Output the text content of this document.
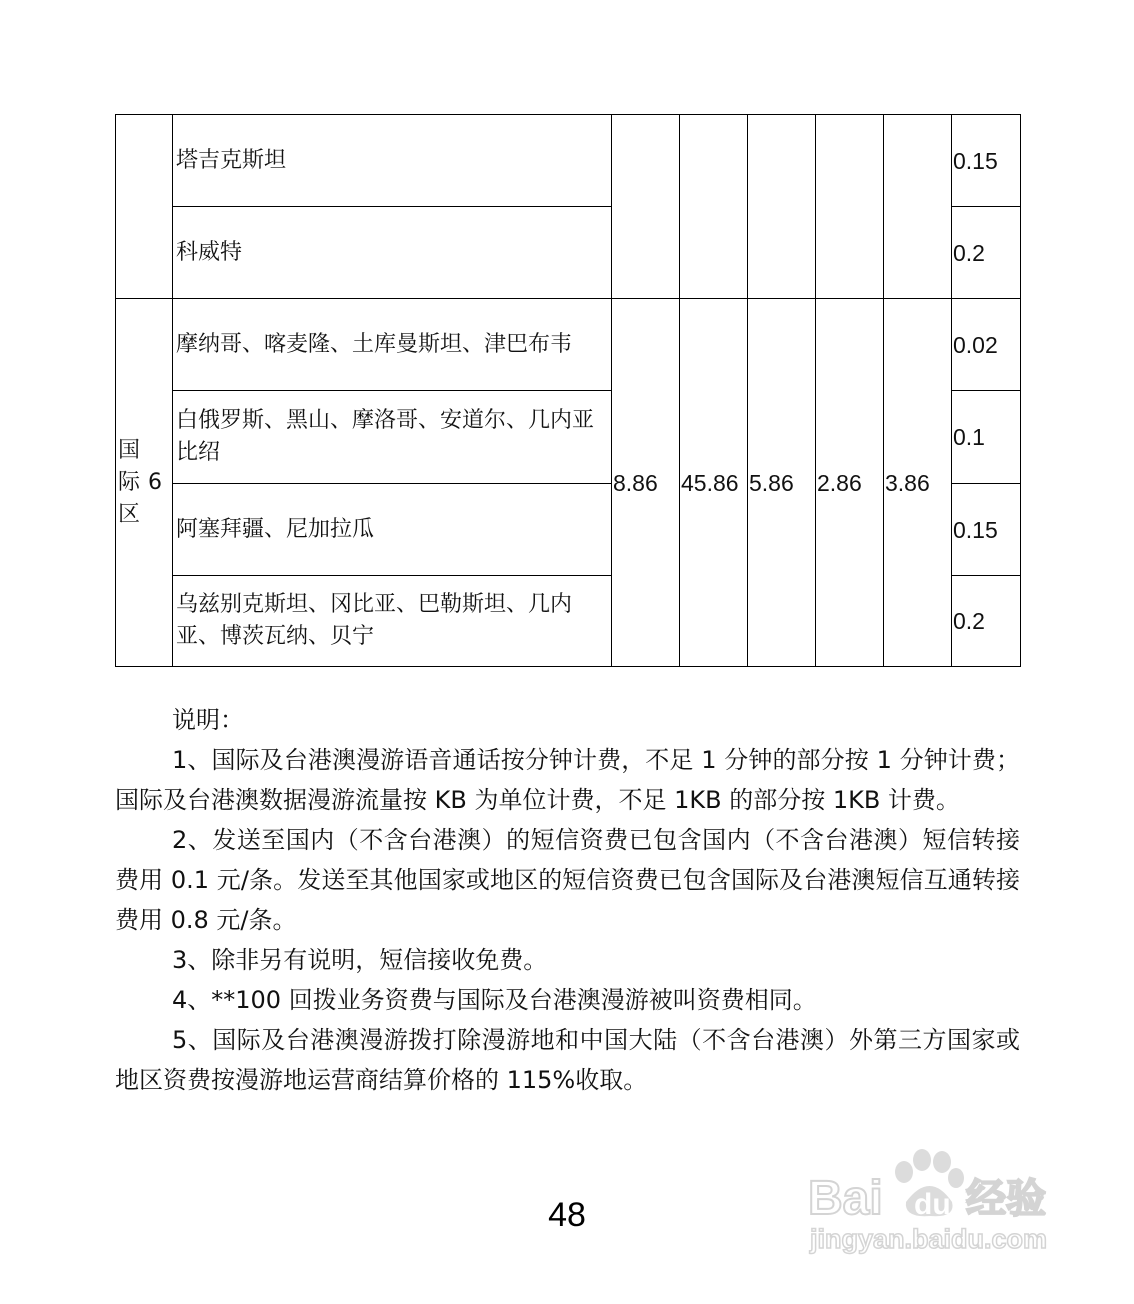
	塔吉克斯坦						0.15
	科威特						0.2
国际6区	摩纳哥、喀麦隆、土库曼斯坦、津巴布韦	8.86	45.86	5.86	2.86	3.86	0.02
	白俄罗斯、黑山、摩洛哥、安道尔、几内亚比绍						0.1
	阿塞拜疆、尼加拉瓜						0.15
	乌兹别克斯坦、冈比亚、巴勒斯坦、几内亚、博茨瓦纳、贝宁						0.2

说明：

1、国际及台港澳漫游语音通话按分钟计费，不足 1 分钟的部分按 1 分钟计费；国际及台港澳数据漫游流量按 KB 为单位计费，不足 1KB 的部分按 1KB 计费。

2、发送至国内（不含台港澳）的短信资费已包含国内（不含台港澳）短信转接费用 0.1 元/条。发送至其他国家或地区的短信资费已包含国际及台港澳短信互通转接费用 0.8 元/条。

3、除非另有说明，短信接收免费。

4、**100 回拨业务资费与国际及台港澳漫游被叫资费相同。

5、国际及台港澳漫游拨打除漫游地和中国大陆（不含台港澳）外第三方国家或地区资费按漫游地运营商结算价格的 115%收取。

48	Bai du 经验
jingyan.baidu.com
